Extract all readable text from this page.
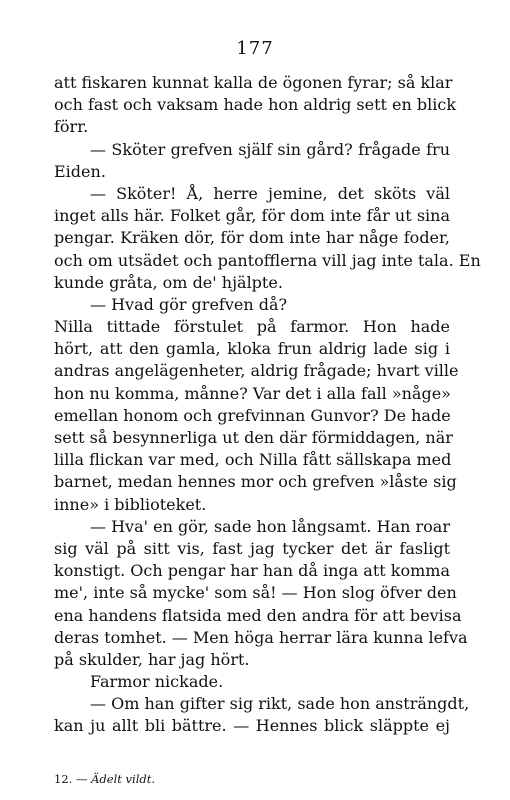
177
att fiskaren kunnat kalla de ögonen fyrar; så klar
och fast och vaksam hade hon aldrig sett en blick
förr.
— Sköter grefven själf sin gård? frågade fru
Eiden.
— Sköter! Å, herre jemine, det sköts väl
inget alls här. Folket går, för dom inte får ut sina
pengar. Kräken dör, för dom inte har någe foder,
och om utsädet och pantofflerna vill jag inte tala. En
kunde gråta, om de' hjälpte.
— Hvad gör grefven då?
Nilla tittade förstulet på farmor. Hon hade
hört, att den gamla, kloka frun aldrig lade sig i
andras angelägenheter, aldrig frågade; hvart ville
hon nu komma, månne? Var det i alla fall »någe»
emellan honom och grefvinnan Gunvor? De hade
sett så besynnerliga ut den där förmiddagen, när
lilla flickan var med, och Nilla fått sällskapa med
barnet, medan hennes mor och grefven »låste sig
inne» i biblioteket.
— Hva' en gör, sade hon långsamt. Han roar
sig väl på sitt vis, fast jag tycker det är fasligt
konstigt. Och pengar har han då inga att komma
me', inte så mycke' som så! — Hon slog öfver den
ena handens flatsida med den andra för att bevisa
deras tomhet. — Men höga herrar lära kunna lefva
på skulder, har jag hört.
Farmor nickade.
— Om han gifter sig rikt, sade hon ansträngdt,
kan ju allt bli bättre. — Hennes blick släppte ej
12. — Ädelt vildt.
